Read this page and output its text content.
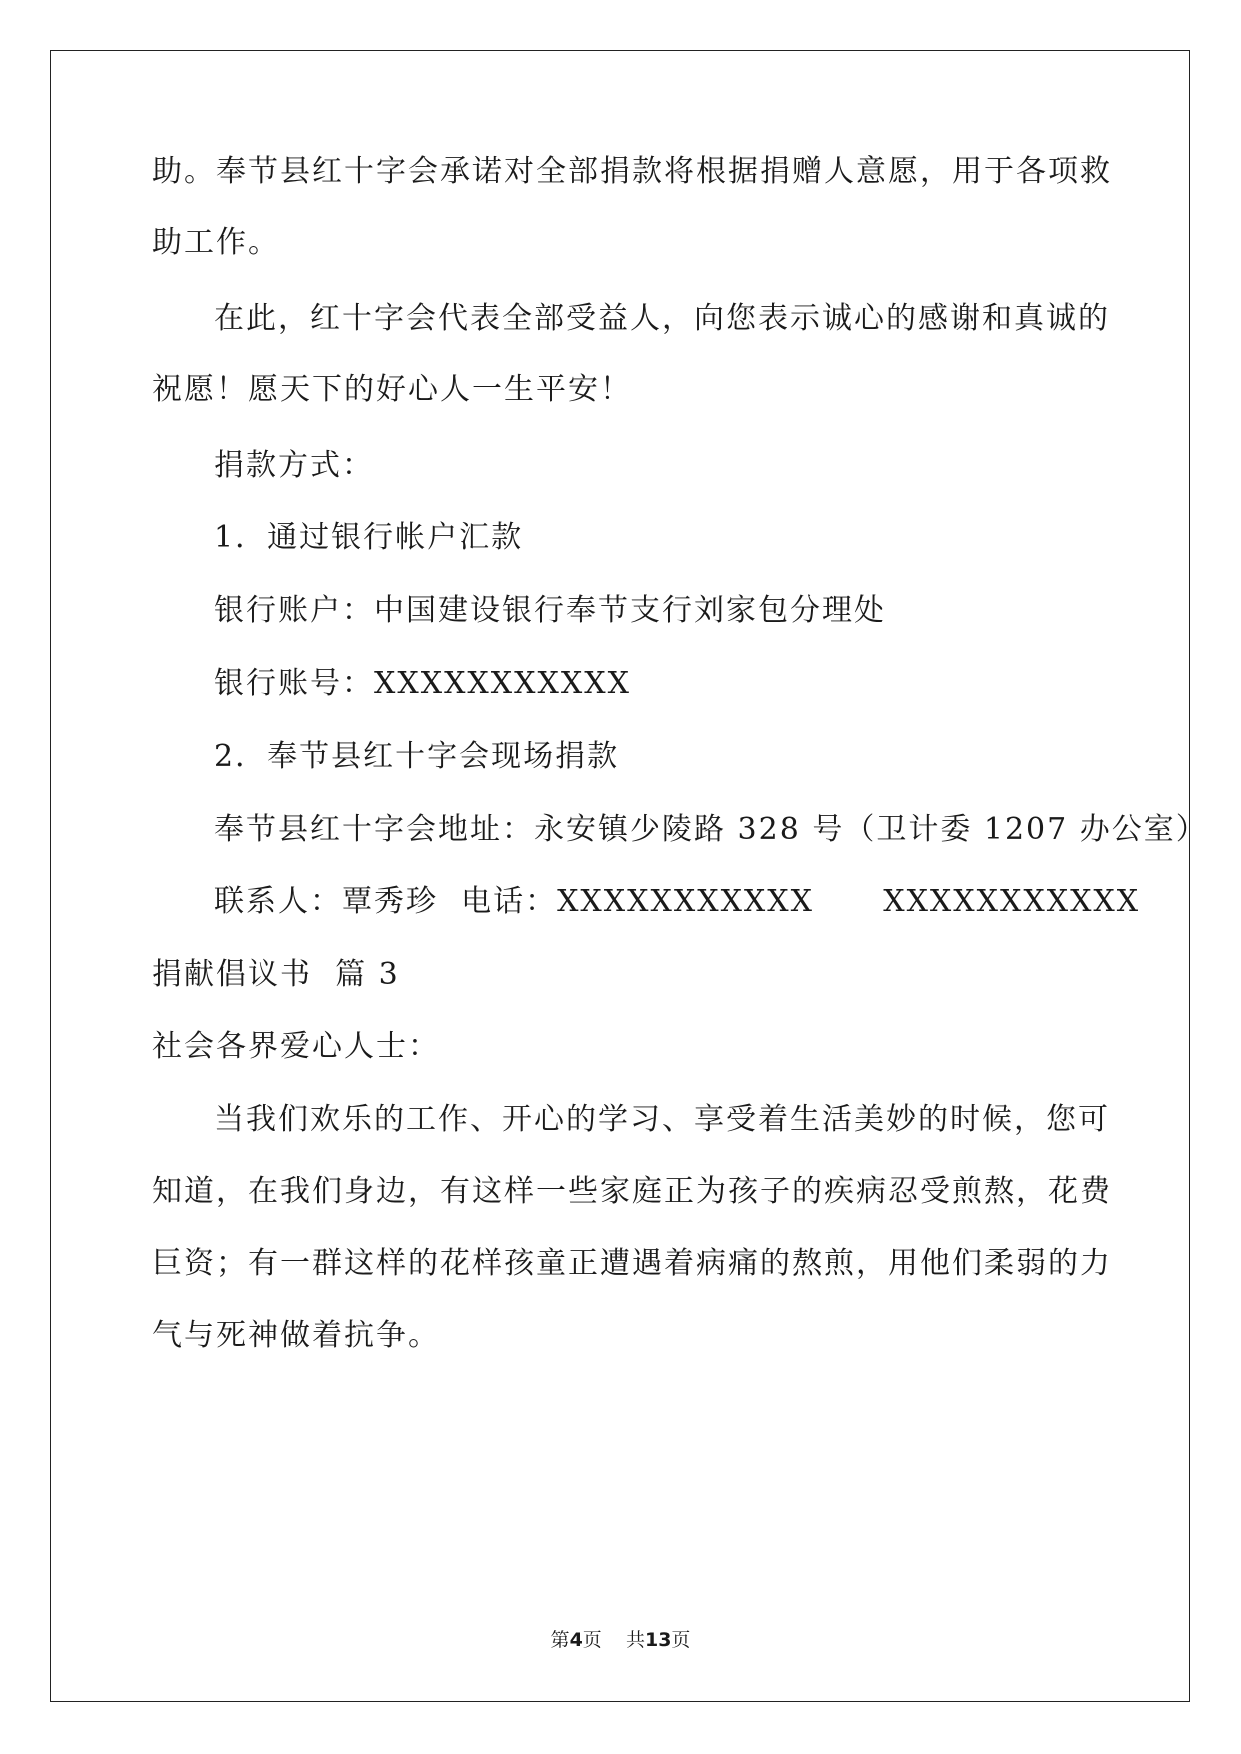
助。奉节县红十字会承诺对全部捐款将根据捐赠人意愿，用于各项救
助工作。
在此，红十字会代表全部受益人，向您表示诚心的感谢和真诚的
祝愿！愿天下的好心人一生平安！
捐款方式：
1．通过银行帐户汇款
银行账户：中国建设银行奉节支行刘家包分理处
银行账号：XXXXXXXXXXX
2．奉节县红十字会现场捐款
奉节县红十字会地址：永安镇少陵路 328 号（卫计委 1207 办公室）
联系人：覃秀珍  电话：XXXXXXXXXXX      XXXXXXXXXXX
捐献倡议书  篇 3
社会各界爱心人士：
当我们欢乐的工作、开心的学习、享受着生活美妙的时候，您可
知道，在我们身边，有这样一些家庭正为孩子的疾病忍受煎熬，花费
巨资；有一群这样的花样孩童正遭遇着病痛的熬煎，用他们柔弱的力
气与死神做着抗争。
第4页    共13页
